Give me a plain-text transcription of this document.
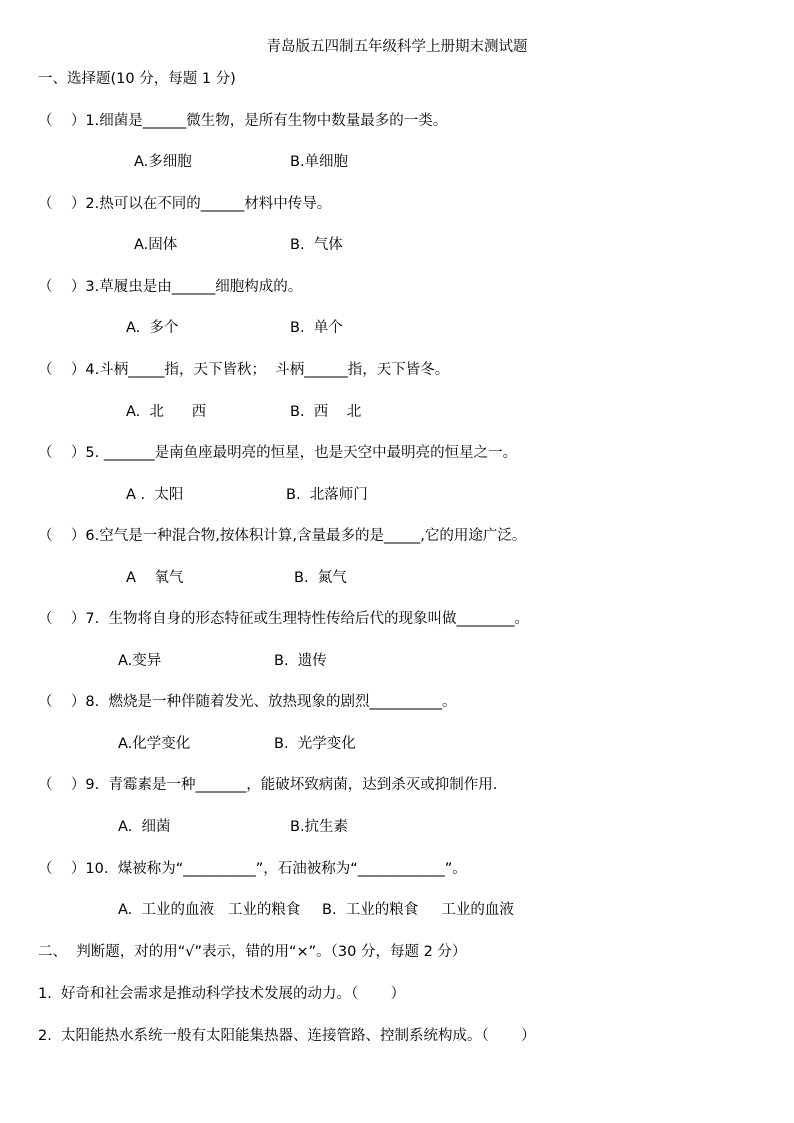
青岛版五四制五年级科学上册期末测试题
一、选择题(10 分，每题 1 分)
（    ）1.细菌是______微生物，是所有生物中数量最多的一类。
A.多细胞	B.单细胞
（    ）2.热可以在不同的______材料中传导。
A.固体	B.  气体
（    ）3.草履虫是由______细胞构成的。
A.  多个	B.  单个
（    ）4.斗柄_____指，天下皆秋；  斗柄______指，天下皆冬。
A.  北      西	B.  西    北
（    ）5. _______是南鱼座最明亮的恒星，也是天空中最明亮的恒星之一。
A .  太阳	B.  北落师门
（    ）6.空气是一种混合物,按体积计算,含量最多的是_____,它的用途广泛。
A    氧气	B.  氮气
（    ）7.  生物将自身的形态特征或生理特性传给后代的现象叫做________。
A.变异	B.  遗传
（    ）8.  燃烧是一种伴随着发光、放热现象的剧烈__________。
A.化学变化	B.  光学变化
（    ）9.  青霉素是一种_______，能破坏致病菌，达到杀灭或抑制作用.
A.  细菌	B.抗生素
（    ）10.  煤被称为“__________”，石油被称为“____________”。
A.  工业的血液   工业的粮食 B.  工业的粮食     工业的血液
二、  判断题，对的用“√”表示，错的用“×”。（30 分，每题 2 分）
1.  好奇和社会需求是推动科学技术发展的动力。（       ）
2.  太阳能热水系统一般有太阳能集热器、连接管路、控制系统构成。（       ）
